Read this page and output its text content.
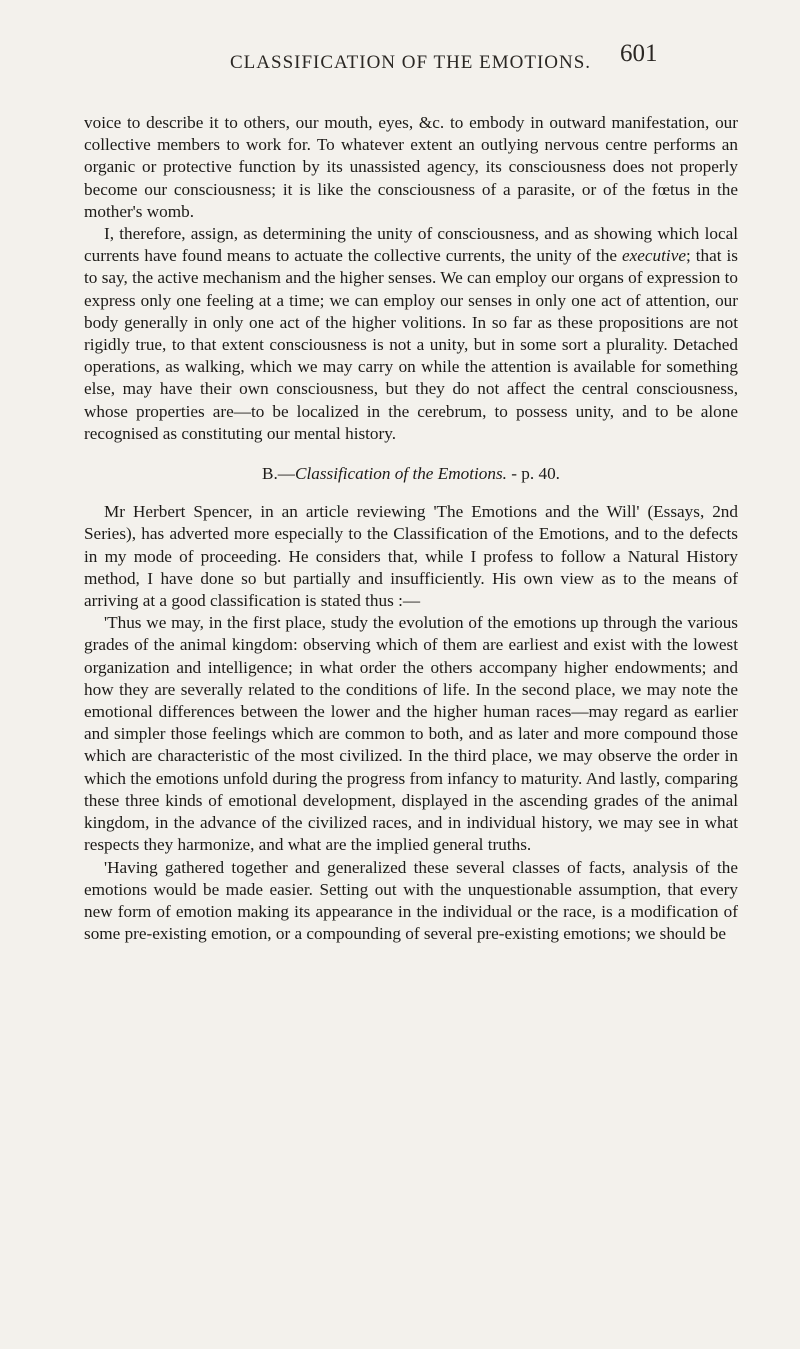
CLASSIFICATION OF THE EMOTIONS. 601

voice to describe it to others, our mouth, eyes, &c. to embody in outward manifestation, our collective members to work for. To whatever extent an outlying nervous centre performs an organic or protective function by its unassisted agency, its consciousness does not properly become our consciousness; it is like the consciousness of a parasite, or of the fœtus in the mother's womb.

I, therefore, assign, as determining the unity of consciousness, and as showing which local currents have found means to actuate the collective currents, the unity of the executive; that is to say, the active mechanism and the higher senses. We can employ our organs of expression to express only one feeling at a time; we can employ our senses in only one act of attention, our body generally in only one act of the higher volitions. In so far as these propositions are not rigidly true, to that extent consciousness is not a unity, but in some sort a plurality. Detached operations, as walking, which we may carry on while the attention is available for something else, may have their own consciousness, but they do not affect the central consciousness, whose properties are—to be localized in the cerebrum, to possess unity, and to be alone recognised as constituting our mental history.

B.—Classification of the Emotions. - p. 40.

Mr Herbert Spencer, in an article reviewing 'The Emotions and the Will' (Essays, 2nd Series), has adverted more especially to the Classification of the Emotions, and to the defects in my mode of proceeding. He considers that, while I profess to follow a Natural History method, I have done so but partially and insufficiently. His own view as to the means of arriving at a good classification is stated thus :—

'Thus we may, in the first place, study the evolution of the emotions up through the various grades of the animal kingdom: observing which of them are earliest and exist with the lowest organization and intelligence; in what order the others accompany higher endowments; and how they are severally related to the conditions of life. In the second place, we may note the emotional differences between the lower and the higher human races—may regard as earlier and simpler those feelings which are common to both, and as later and more compound those which are characteristic of the most civilized. In the third place, we may observe the order in which the emotions unfold during the progress from infancy to maturity. And lastly, comparing these three kinds of emotional development, displayed in the ascending grades of the animal kingdom, in the advance of the civilized races, and in individual history, we may see in what respects they harmonize, and what are the implied general truths.

'Having gathered together and generalized these several classes of facts, analysis of the emotions would be made easier. Setting out with the unquestionable assumption, that every new form of emotion making its appearance in the individual or the race, is a modification of some pre-existing emotion, or a compounding of several pre-existing emotions; we should be
